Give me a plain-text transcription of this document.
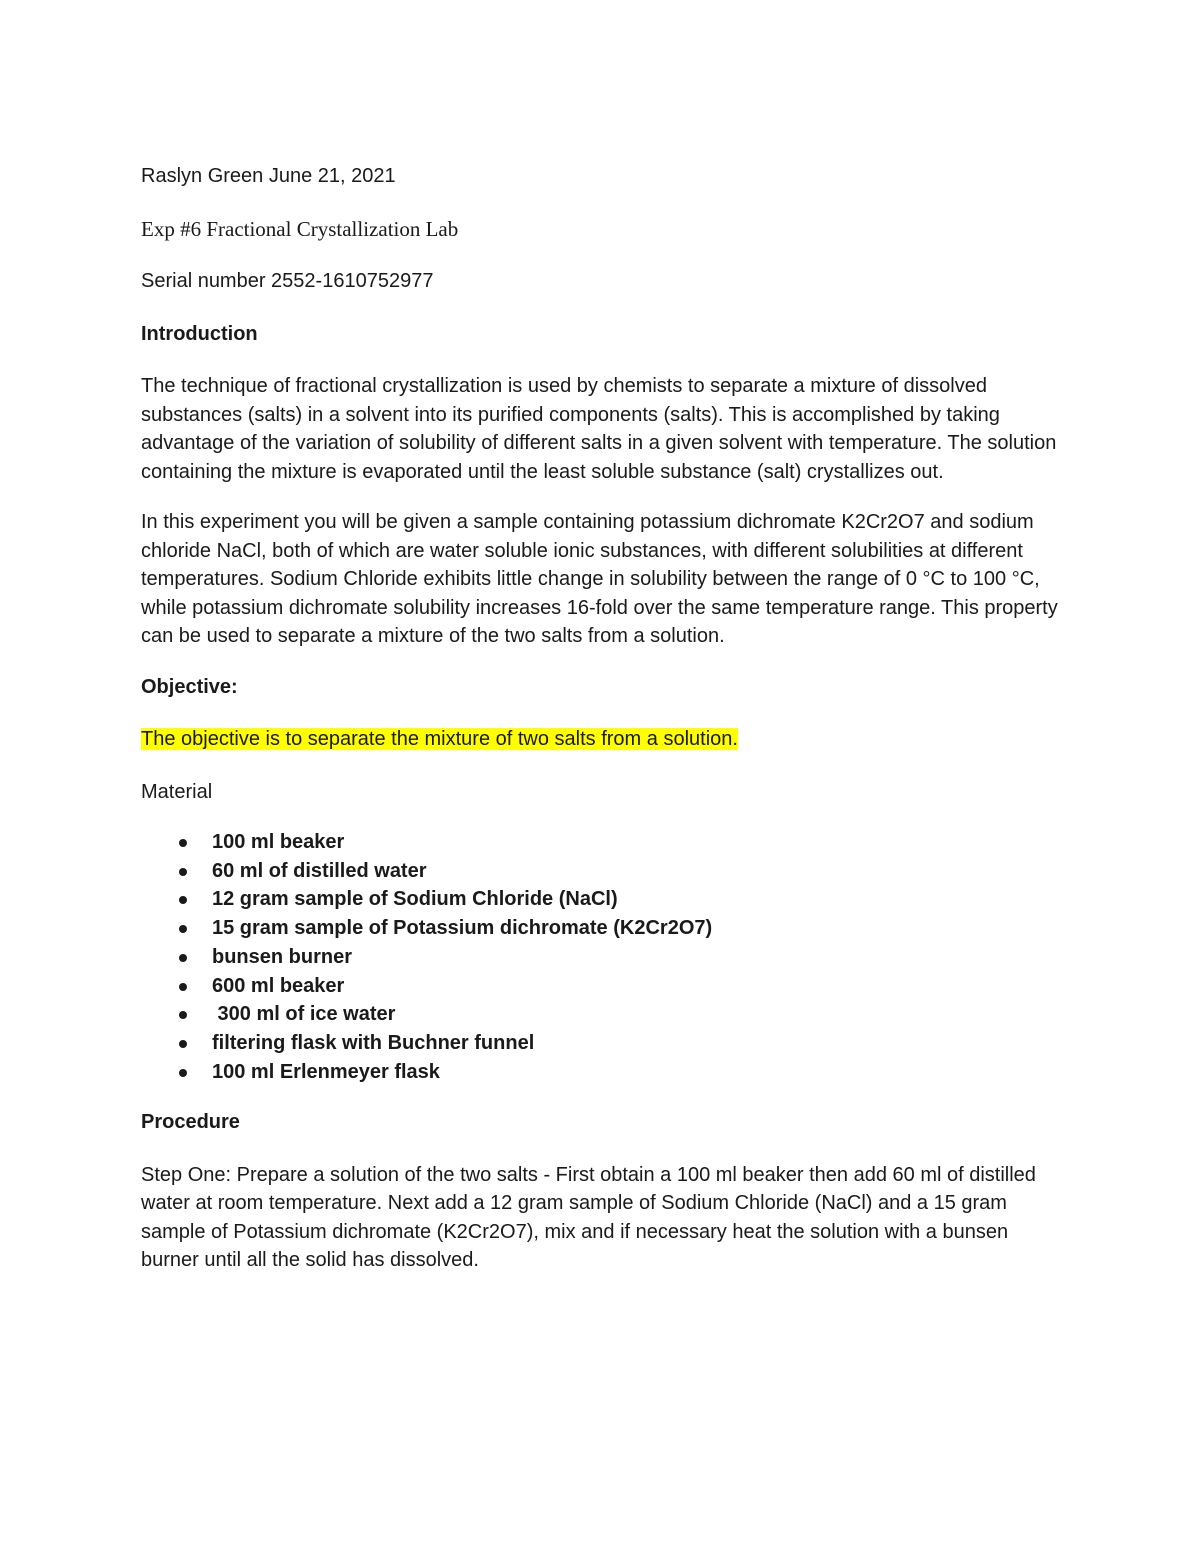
Raslyn Green June 21, 2021
Exp #6 Fractional Crystallization Lab
Serial number 2552-1610752977
Introduction

The technique of fractional crystallization is used by chemists to separate a mixture of dissolved substances (salts) in a solvent into its purified components (salts). This is accomplished by taking advantage of the variation of solubility of different salts in a given solvent with temperature. The solution containing the mixture is evaporated until the least soluble substance (salt) crystallizes out.

In this experiment you will be given a sample containing potassium dichromate K2Cr2O7 and sodium chloride NaCl, both of which are water soluble ionic substances, with different solubilities at different temperatures. Sodium Chloride exhibits little change in solubility between the range of 0 °C to 100 °C, while potassium dichromate solubility increases 16-fold over the same temperature range. This property can be used to separate a mixture of the two salts from a solution.

Objective:
The objective is to separate the mixture of two salts from a solution.
Material
100 ml beaker
60 ml of distilled water
12 gram sample of Sodium Chloride (NaCl)
15 gram sample of Potassium dichromate (K2Cr2O7)
bunsen burner
600 ml beaker
300 ml of ice water
filtering flask with Buchner funnel
100 ml Erlenmeyer flask
Procedure

Step One: Prepare a solution of the two salts - First obtain a 100 ml beaker then add 60 ml of distilled water at room temperature. Next add a 12 gram sample of Sodium Chloride (NaCl) and a 15 gram sample of Potassium dichromate (K2Cr2O7), mix and if necessary heat the solution with a bunsen burner until all the solid has dissolved.
